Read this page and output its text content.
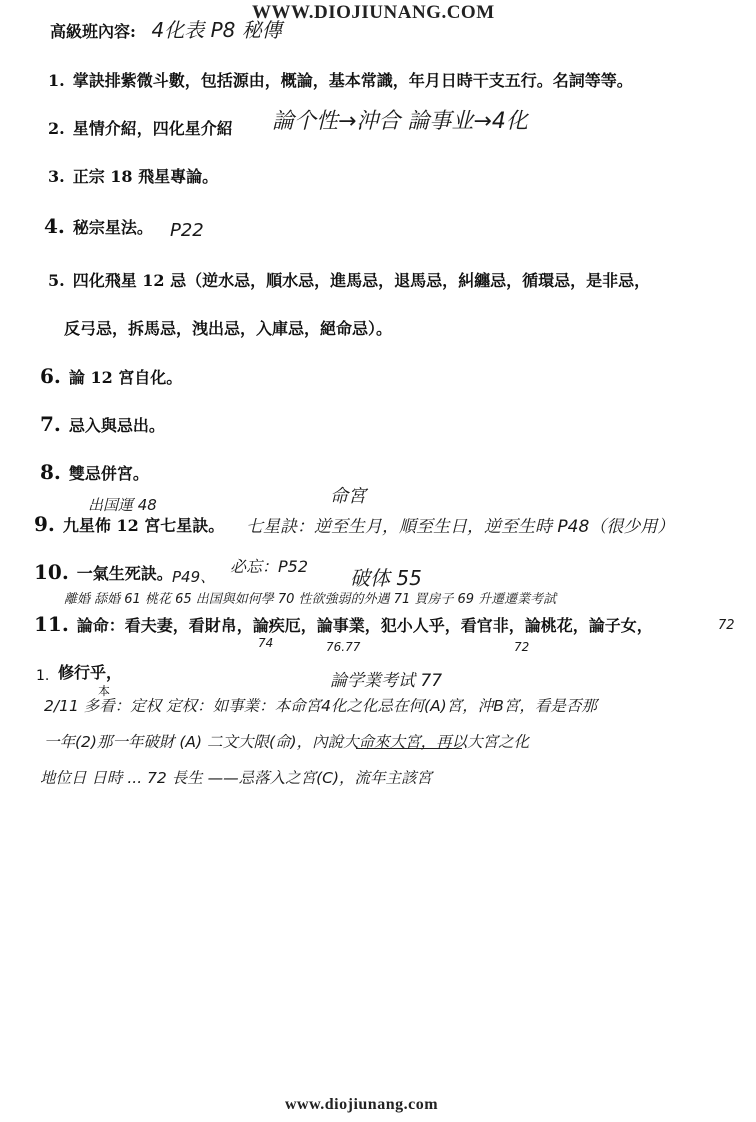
WWW.DIOJIUNANG.COM
高級班內容: 4化表 P8 秘傳
1. 掌訣排紫微斗數，包括源由，概論，基本常識，年月日時干支五行。名詞等等。
2. 星情介紹，四化星介紹 論个性→沖合 論事业→4化
3. 正宗 18 飛星專論。
4. 秘宗星法。 P22
5. 四化飛星 12 忌（逆水忌，順水忌，進馬忌，退馬忌，糾纏忌，循環忌，是非忌，
反弓忌，拆馬忌，洩出忌，入庫忌，絕命忌）。
6. 論 12 宮自化。
7. 忌入與忌出。
8. 雙忌併宮。
出国運 48	命宮
9. 九星佈 12 宮七星訣。 七星訣：逆至生月，順至生日，逆至生時 P48（很少用）
10. 一氣生死訣。 P49、
必忘：P52 破体 55
離婚 舔婚 61 桃花 65 出国與如何學 70 性欲強弱的外遇 71 買房子 69 升遷遷業考試
11. 論命：看夫妻，看財帛，論疾厄，論事業，犯小人乎，看官非，論桃花，論子女，	72
74	76.77	72
1. 修行乎，	論学業考试 77
本
2/11 多看：定权 定权：如事業：本命宮4化之化忌在何(A)宮，沖B宮，看是否那
一年(2)那一年破財 (A) 二文大限(命)，內說大命來大宮，再以大宮之化
地位日 日時 ... 72 長生 ——忌落入之宮(C)，流年主該宮
www.diojiunang.com
